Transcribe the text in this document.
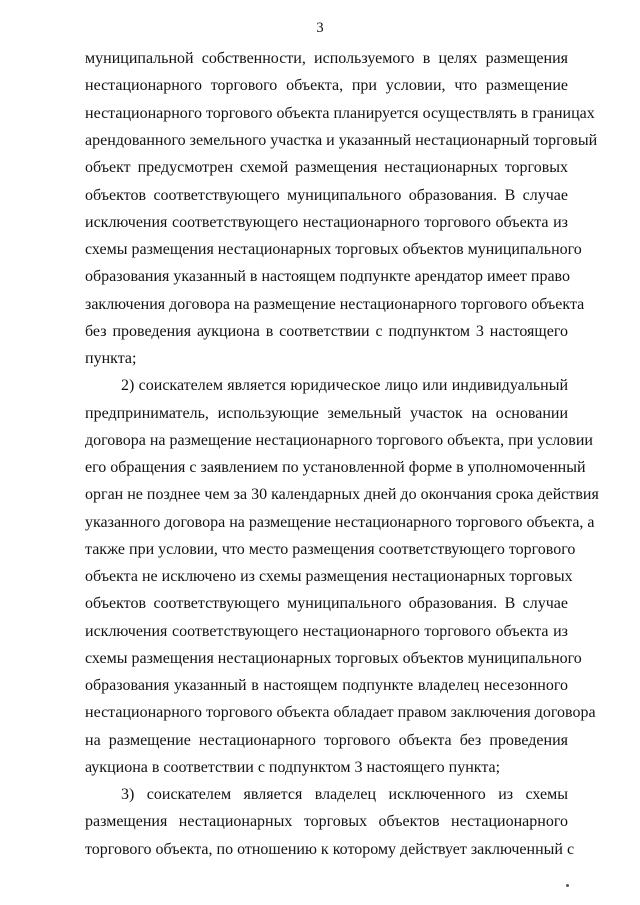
3
муниципальной собственности, используемого в целях размещения
нестационарного торгового объекта, при условии, что размещение
нестационарного торгового объекта планируется осуществлять в границах
арендованного земельного участка и указанный нестационарный торговый
объект предусмотрен схемой размещения нестационарных торговых
объектов соответствующего муниципального образования. В случае
исключения соответствующего нестационарного торгового объекта из
схемы размещения нестационарных торговых объектов муниципального
образования указанный в настоящем подпункте арендатор имеет право
заключения договора на размещение нестационарного торгового объекта
без проведения аукциона в соответствии с подпунктом 3 настоящего
пункта;
2) соискателем является юридическое лицо или индивидуальный
предприниматель, использующие земельный участок на основании
договора на размещение нестационарного торгового объекта, при условии
его обращения с заявлением по установленной форме в уполномоченный
орган не позднее чем за 30 календарных дней до окончания срока действия
указанного договора на размещение нестационарного торгового объекта, а
также при условии, что место размещения соответствующего торгового
объекта не исключено из схемы размещения нестационарных торговых
объектов соответствующего муниципального образования. В случае
исключения соответствующего нестационарного торгового объекта из
схемы размещения нестационарных торговых объектов муниципального
образования указанный в настоящем подпункте владелец несезонного
нестационарного торгового объекта обладает правом заключения договора
на размещение нестационарного торгового объекта без проведения
аукциона в соответствии с подпунктом 3 настоящего пункта;
3) соискателем является владелец исключенного из схемы
размещения нестационарных торговых объектов нестационарного
торгового объекта, по отношению к которому действует заключенный с
